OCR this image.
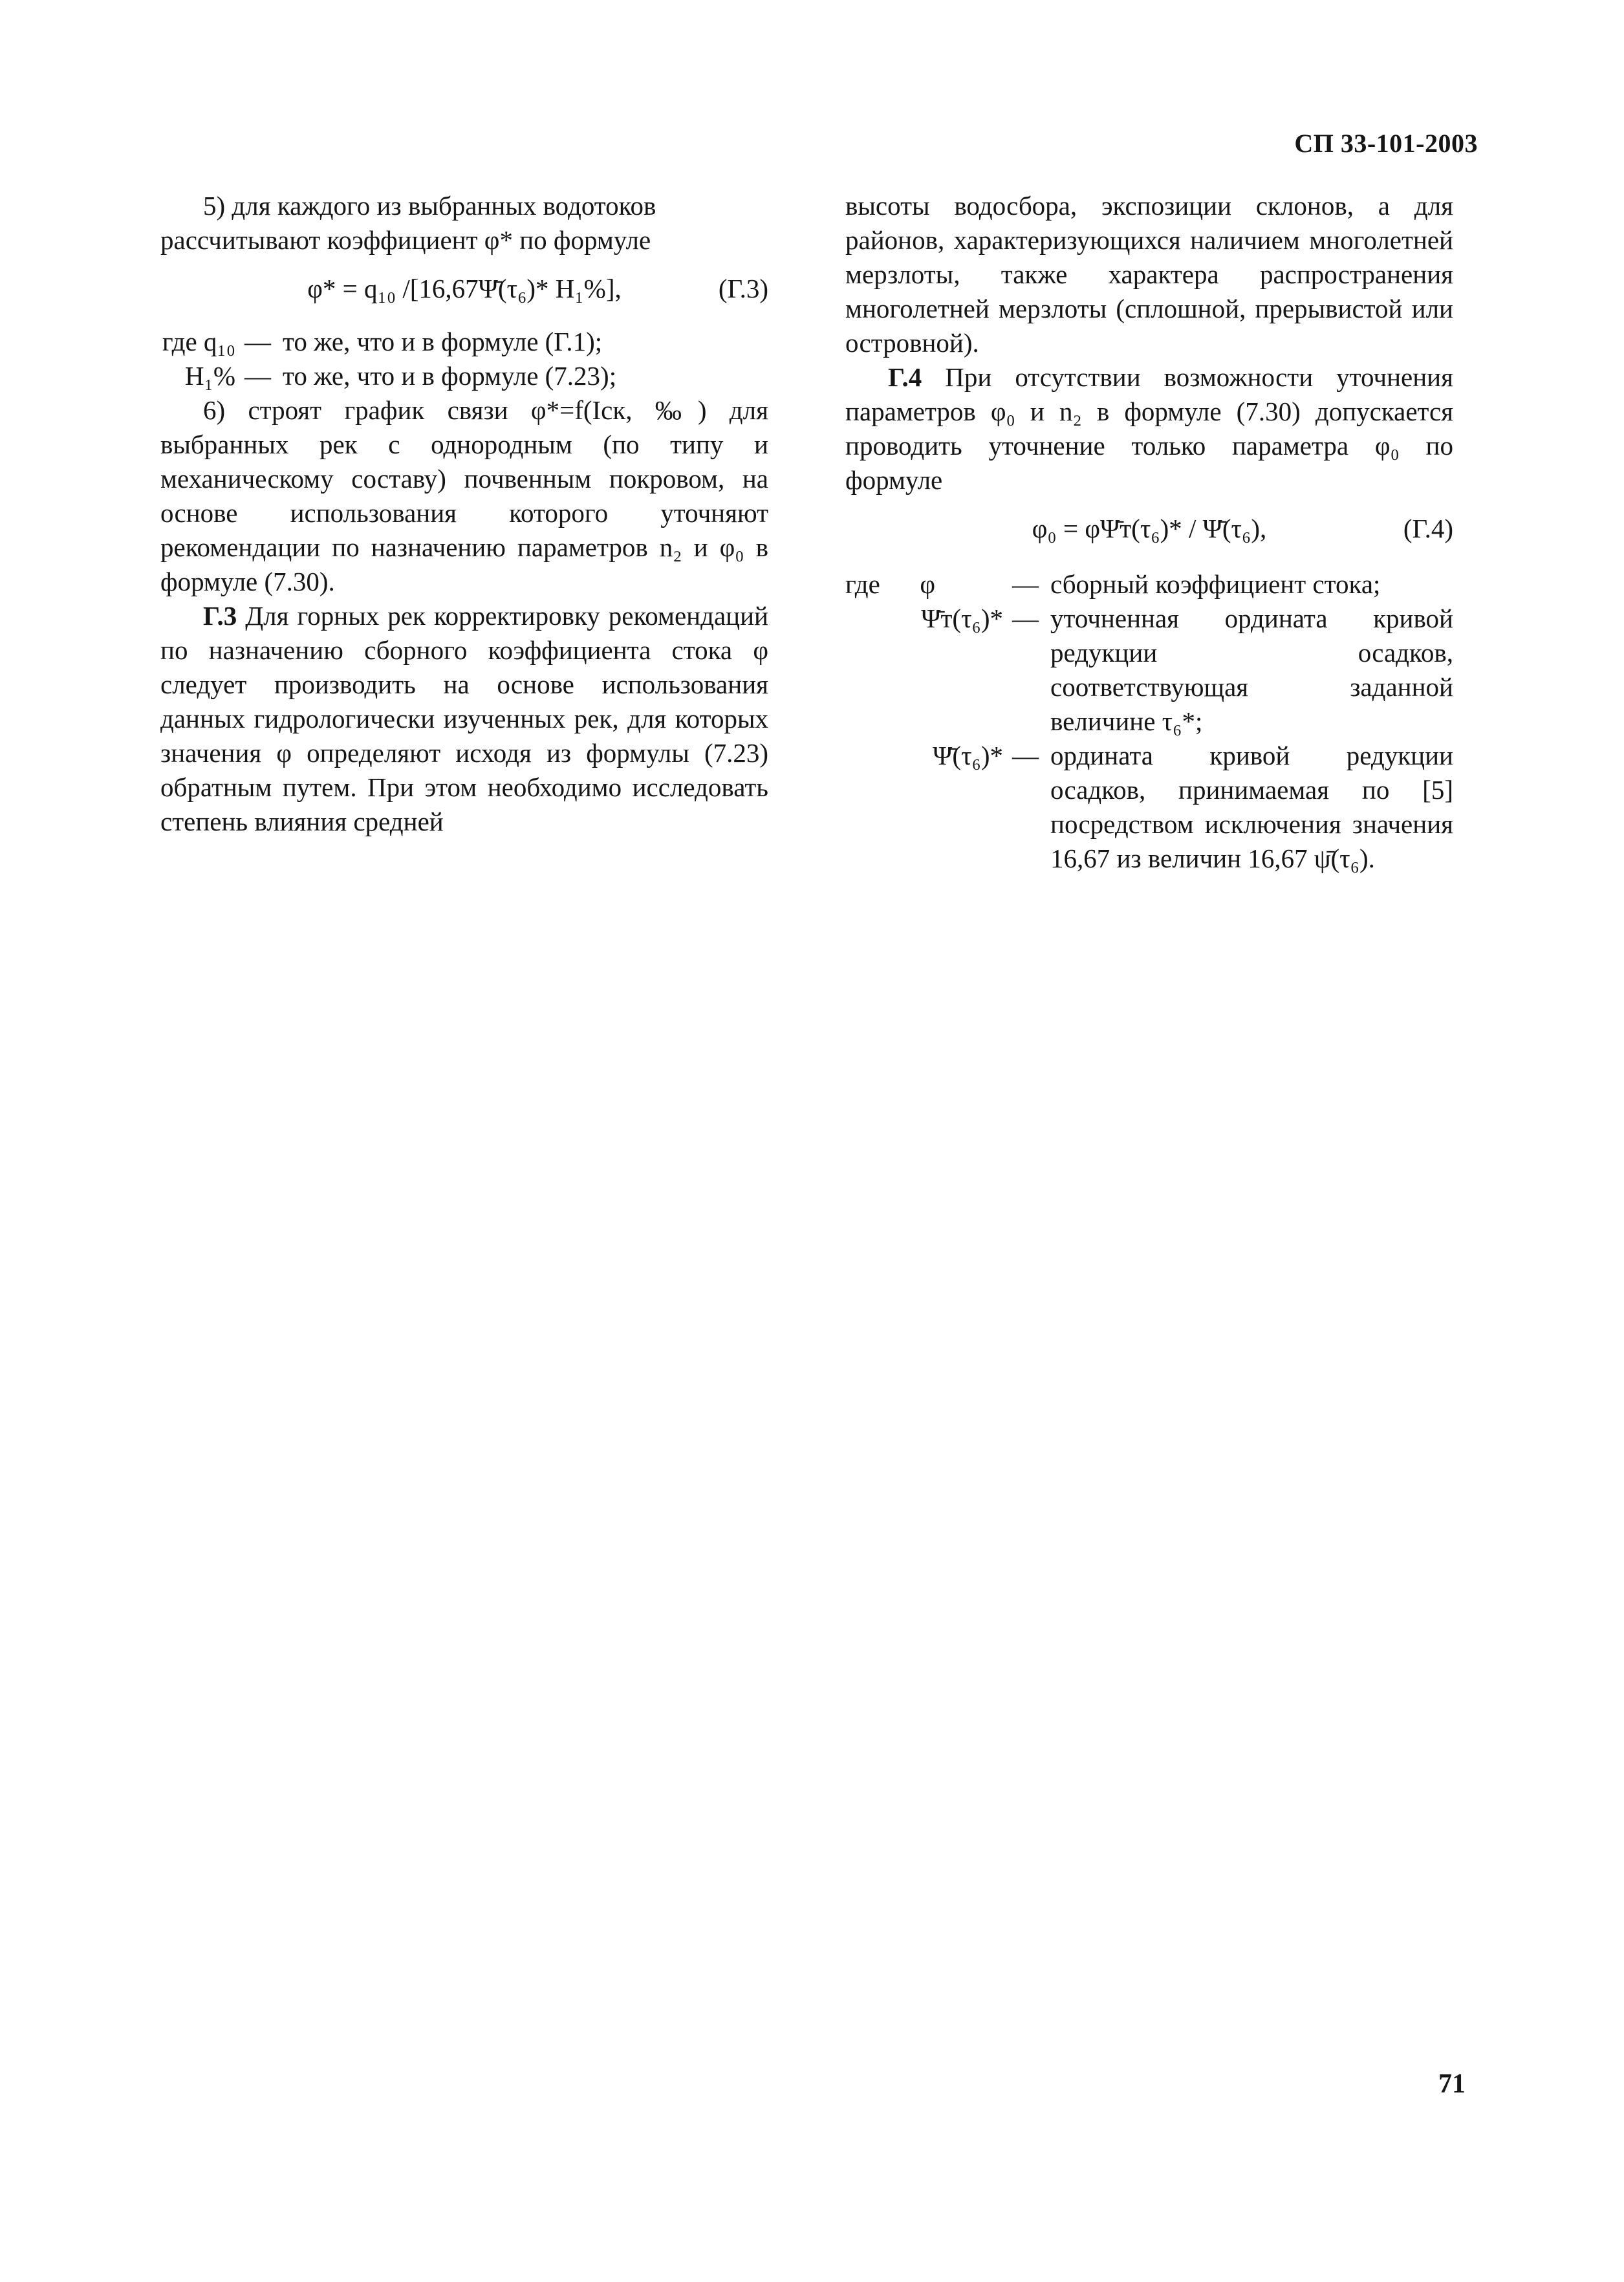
СП 33-101-2003

5) для каждого из выбранных водотоков
рассчитывают коэффициент φ* по формуле

φ* = q₁₀ /[16,67Ψ̄(τ₆)* H₁%],	(Г.3)
где q₁₀ — то же, что и в формуле (Г.1);
H₁% — то же, что и в формуле (7.23);

6) строят график связи φ*=f(Iск, ‰) для выбранных рек с однородным (по типу и механическому составу) почвенным покровом, на основе использования которого уточняют рекомендации по назначению параметров n₂ и φ₀ в формуле (7.30).

Г.3 Для горных рек корректировку рекомендаций по назначению сборного коэффициента стока φ следует производить на основе использования данных гидрологически изученных рек, для которых значения φ определяют исходя из формулы (7.23) обратным путем. При этом необходимо исследовать степень влияния средней

высоты водосбора, экспозиции склонов, а для районов, характеризующихся наличием многолетней мерзлоты, также характера распространения многолетней мерзлоты (сплошной, прерывистой или островной).

Г.4 При отсутствии возможности уточнения параметров φ₀ и n₂ в формуле (7.30) допускается проводить уточнение только параметра φ₀ по формуле

φ₀ = φΨ̄т(τ₆)* / Ψ̄(τ₆),	(Г.4)
где      φ	— сборный коэффициент стока;
Ψ̄т(τ₆)* — уточненная ордината кривой редукции осадков, соответствующая заданной величине τ₆*;
Ψ̄(τ₆)* — ордината кривой редукции осадков, принимаемая по [5] посредством исключения значения 16,67 из величин 16,67 ψ̄(τ₆).
71
